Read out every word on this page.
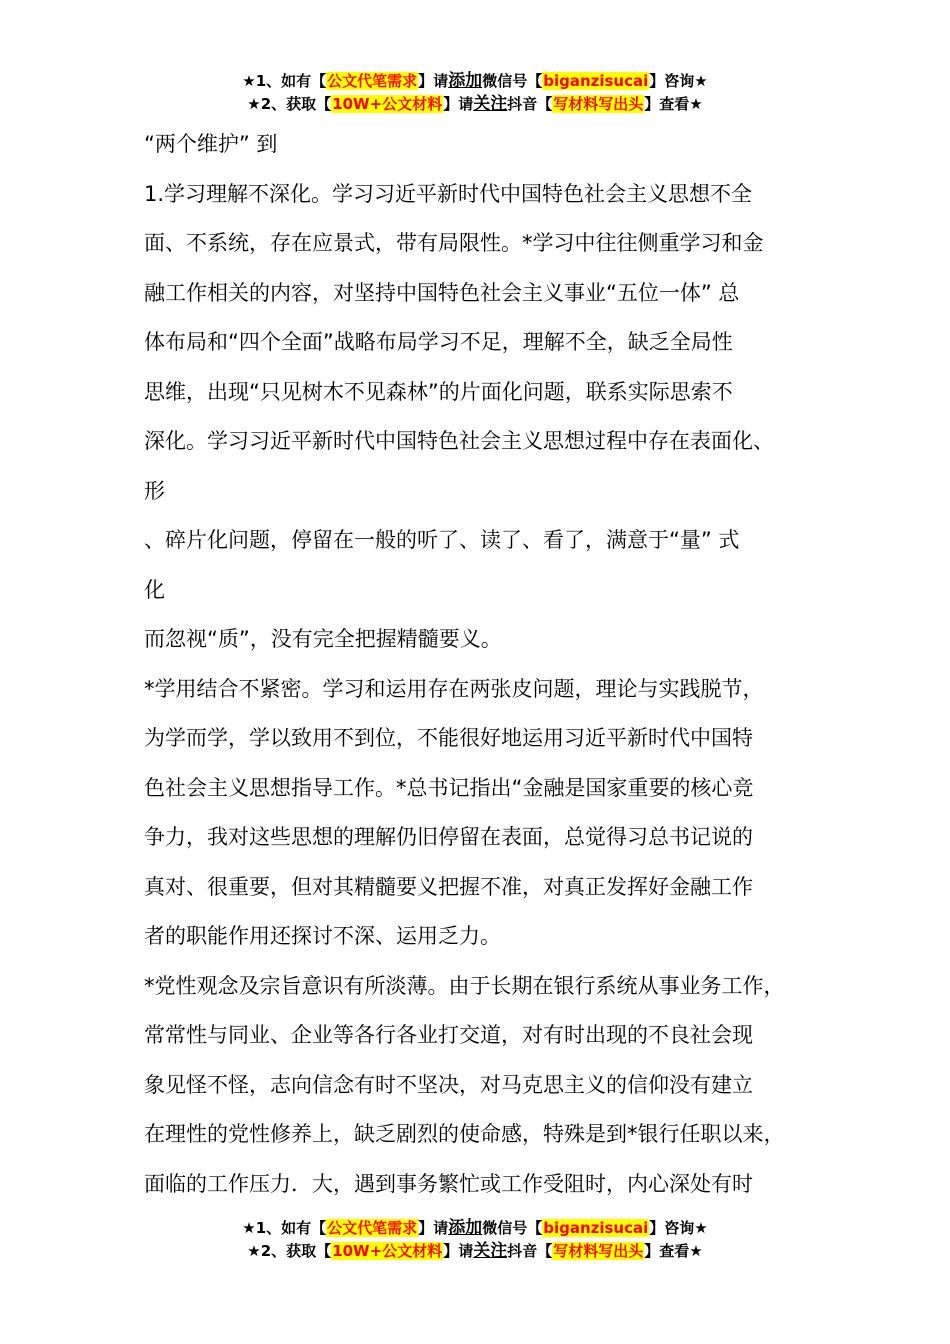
★1、如有【公文代笔需求】请添加微信号【biganzisucai】咨询★
★2、获取【10W+公文材料】请关注抖音【写材料写出头】查看★
“两个维护” 到
1.学习理解不深化。学习习近平新时代中国特色社会主义思想不全
面、不系统，存在应景式，带有局限性。*学习中往往侧重学习和金
融工作相关的内容，对坚持中国特色社会主义事业“五位一体” 总
体布局和“四个全面”战略布局学习不足，理解不全，缺乏全局性
思维，出现“只见树木不见森林”的片面化问题，联系实际思索不
深化。学习习近平新时代中国特色社会主义思想过程中存在表面化、
形
、碎片化问题，停留在一般的听了、读了、看了，满意于“量” 式
化
而忽视“质”，没有完全把握精髓要义。
*学用结合不紧密。学习和运用存在两张皮问题，理论与实践脱节，
为学而学，学以致用不到位，不能很好地运用习近平新时代中国特
色社会主义思想指导工作。*总书记指出“金融是国家重要的核心竞
争力，我对这些思想的理解仍旧停留在表面，总觉得习总书记说的
真对、很重要，但对其精髓要义把握不准，对真正发挥好金融工作
者的职能作用还探讨不深、运用乏力。
*党性观念及宗旨意识有所淡薄。由于长期在银行系统从事业务工作，
常常性与同业、企业等各行各业打交道，对有时出现的不良社会现
象见怪不怪，志向信念有时不坚决，对马克思主义的信仰没有建立
在理性的党性修养上，缺乏剧烈的使命感，特殊是到*银行任职以来，
面临的工作压力．大，遇到事务繁忙或工作受阻时，内心深处有时
★1、如有【公文代笔需求】请添加微信号【biganzisucai】咨询★
★2、获取【10W+公文材料】请关注抖音【写材料写出头】查看★
